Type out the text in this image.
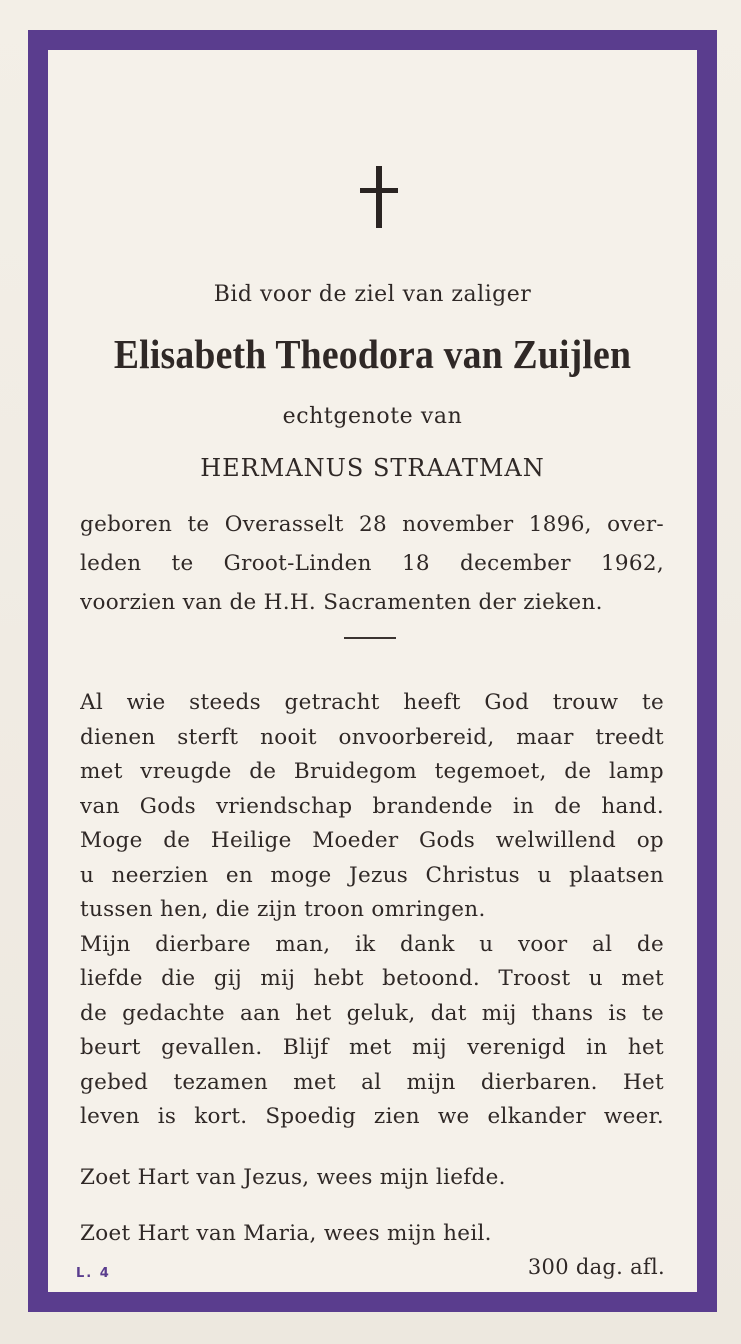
Bid voor de ziel van zaliger
Elisabeth Theodora van Zuijlen
echtgenote van
HERMANUS STRAATMAN
geboren te Overasselt 28 november 1896, over-
leden te Groot-Linden 18 december 1962,
voorzien van de H.H. Sacramenten der zieken.
Al wie steeds getracht heeft God trouw te
dienen sterft nooit onvoorbereid, maar treedt
met vreugde de Bruidegom tegemoet, de lamp
van Gods vriendschap brandende in de hand.
Moge de Heilige Moeder Gods welwillend op
u neerzien en moge Jezus Christus u plaatsen
tussen hen, die zijn troon omringen.
Mijn dierbare man, ik dank u voor al de
liefde die gij mij hebt betoond. Troost u met
de gedachte aan het geluk, dat mij thans is te
beurt gevallen. Blijf met mij verenigd in het
gebed tezamen met al mijn dierbaren. Het
leven is kort. Spoedig zien we elkander weer.
Zoet Hart van Jezus, wees mijn liefde.
Zoet Hart van Maria, wees mijn heil.
300 dag. afl.
L. 4
